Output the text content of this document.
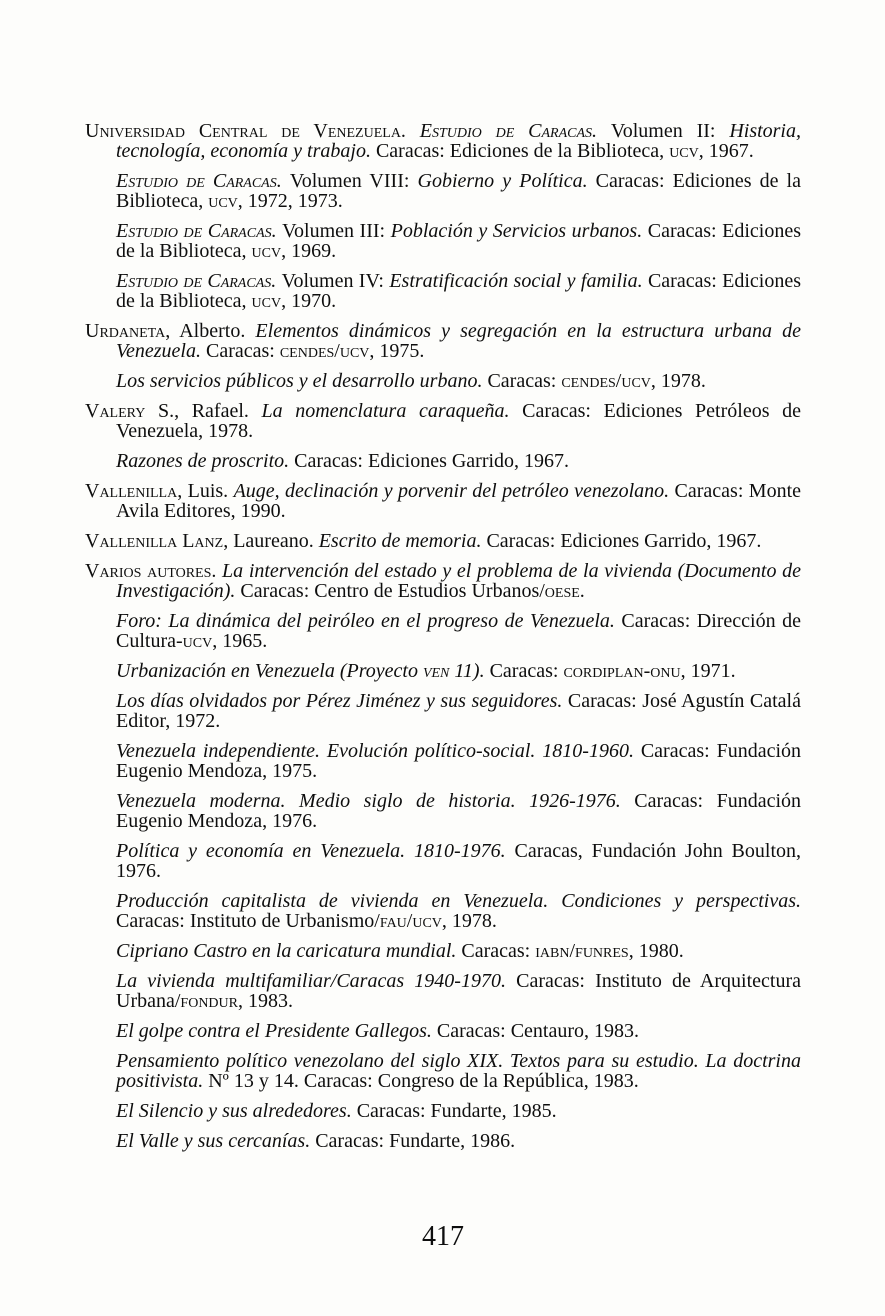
Universidad Central de Venezuela. Estudio de Caracas. Volumen II: Historia, tecnología, economía y trabajo. Caracas: Ediciones de la Biblioteca, ucv, 1967.

Estudio de Caracas. Volumen VIII: Gobierno y Política. Caracas: Ediciones de la Biblioteca, ucv, 1972, 1973.

Estudio de Caracas. Volumen III: Población y Servicios urbanos. Caracas: Ediciones de la Biblioteca, ucv, 1969.

Estudio de Caracas. Volumen IV: Estratificación social y familia. Caracas: Ediciones de la Biblioteca, ucv, 1970.

Urdaneta, Alberto. Elementos dinámicos y segregación en la estructura urbana de Venezuela. Caracas: cendes/ucv, 1975.

Los servicios públicos y el desarrollo urbano. Caracas: cendes/ucv, 1978.

Valery S., Rafael. La nomenclatura caraqueña. Caracas: Ediciones Petróleos de Venezuela, 1978.

Razones de proscrito. Caracas: Ediciones Garrido, 1967.

Vallenilla, Luis. Auge, declinación y porvenir del petróleo venezolano. Caracas: Monte Avila Editores, 1990.

Vallenilla Lanz, Laureano. Escrito de memoria. Caracas: Ediciones Garrido, 1967.

Varios autores. La intervención del estado y el problema de la vivienda (Documento de Investigación). Caracas: Centro de Estudios Urbanos/oese.

Foro: La dinámica del peiróleo en el progreso de Venezuela. Caracas: Dirección de Cultura-ucv, 1965.

Urbanización en Venezuela (Proyecto ven 11). Caracas: cordiplan-onu, 1971.

Los días olvidados por Pérez Jiménez y sus seguidores. Caracas: José Agustín Catalá Editor, 1972.

Venezuela independiente. Evolución político-social. 1810-1960. Caracas: Fundación Eugenio Mendoza, 1975.

Venezuela moderna. Medio siglo de historia. 1926-1976. Caracas: Fundación Eugenio Mendoza, 1976.

Política y economía en Venezuela. 1810-1976. Caracas, Fundación John Boulton, 1976.

Producción capitalista de vivienda en Venezuela. Condiciones y perspectivas. Caracas: Instituto de Urbanismo/fau/ucv, 1978.

Cipriano Castro en la caricatura mundial. Caracas: iabn/funres, 1980.

La vivienda multifamiliar/Caracas 1940-1970. Caracas: Instituto de Arquitectura Urbana/fondur, 1983.

El golpe contra el Presidente Gallegos. Caracas: Centauro, 1983.

Pensamiento político venezolano del siglo XIX. Textos para su estudio. La doctrina positivista. Nº 13 y 14. Caracas: Congreso de la República, 1983.

El Silencio y sus alrededores. Caracas: Fundarte, 1985.

El Valle y sus cercanías. Caracas: Fundarte, 1986.

417
